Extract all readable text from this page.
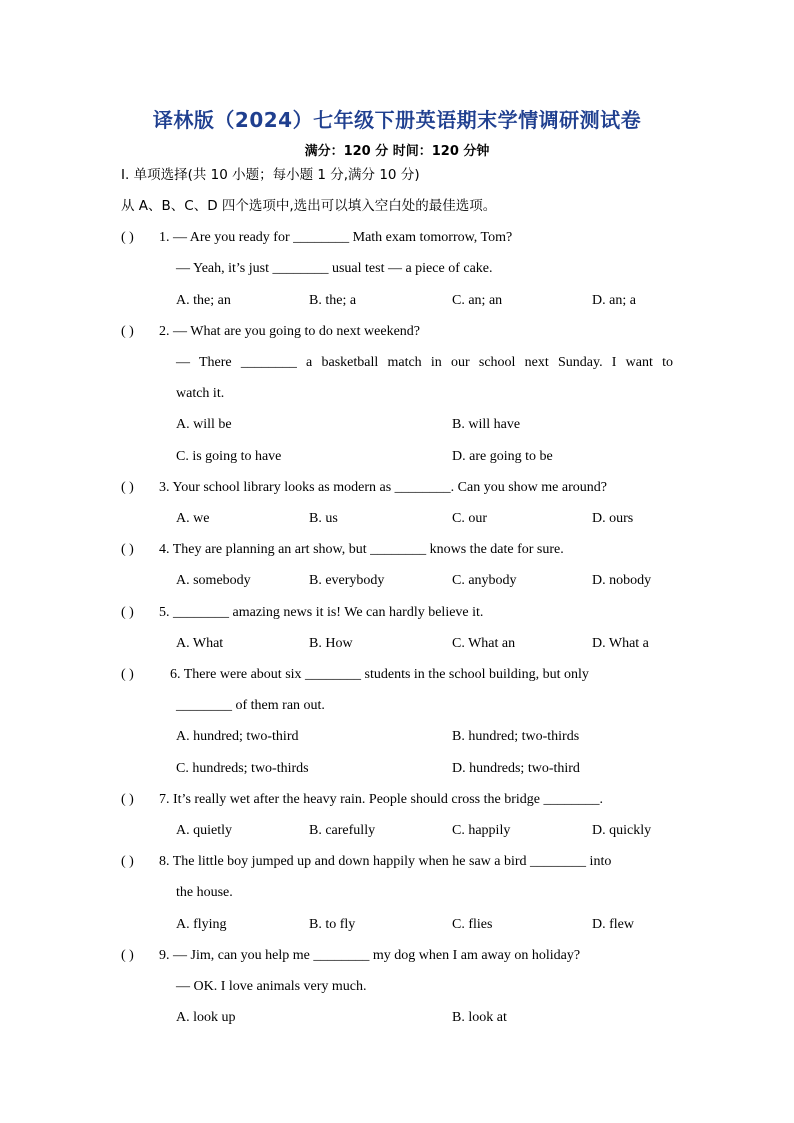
译林版（2024）七年级下册英语期末学情调研测试卷
满分：120 分 时间：120 分钟
I. 单项选择(共 10 小题；每小题 1 分,满分 10 分)
从 A、B、C、D 四个选项中,选出可以填入空白处的最佳选项。
( ) 1. — Are you ready for ________ Math exam tomorrow, Tom?
— Yeah, it’s just ________ usual test — a piece of cake.
A. the; an	B. the; a	C. an; an	D. an; a
( ) 2. — What are you going to do next weekend?
— There ________ a basketball match in our school next Sunday. I want to
watch it.
A. will be	B. will have
C. is going to have	D. are going to be
( ) 3. Your school library looks as modern as ________. Can you show me around?
A. we	B. us	C. our	D. ours
( ) 4. They are planning an art show, but ________ knows the date for sure.
A. somebody	B. everybody	C. anybody	D. nobody
( ) 5. ________ amazing news it is! We can hardly believe it.
A. What	B. How	C. What an	D. What a
( )	6. There were about six ________ students in the school building, but only
________ of them ran out.
A. hundred; two-third	B. hundred; two-thirds
C. hundreds; two-thirds	D. hundreds; two-third
( ) 7. It’s really wet after the heavy rain. People should cross the bridge ________.
A. quietly	B. carefully	C. happily	D. quickly
( ) 8. The little boy jumped up and down happily when he saw a bird ________ into
the house.
A. flying	B. to fly	C. flies	D. flew
( ) 9. — Jim, can you help me ________ my dog when I am away on holiday?
— OK. I love animals very much.
A. look up	B. look at
